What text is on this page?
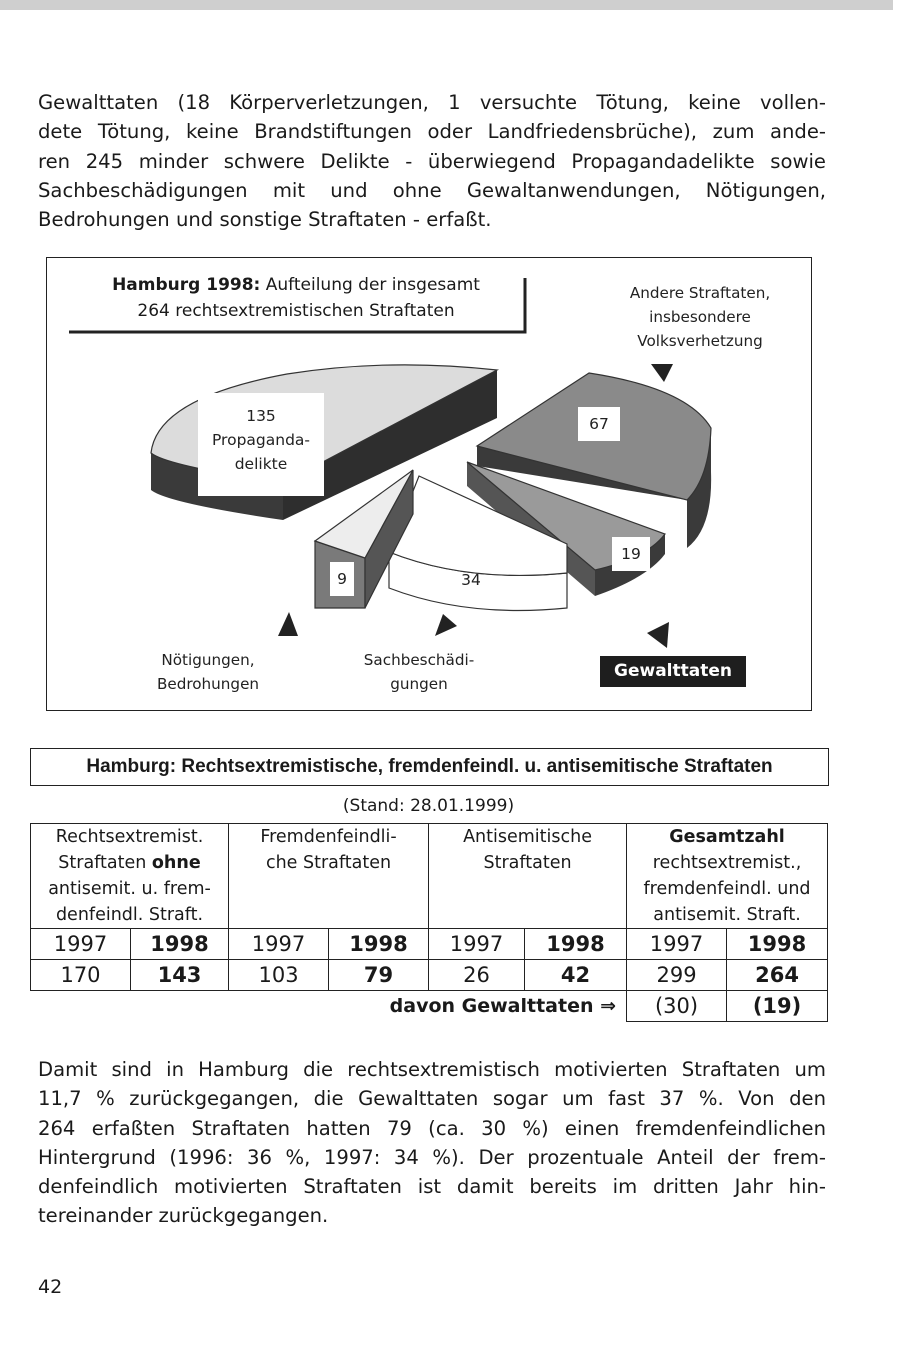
Gewalttaten (18 Körperverletzungen, 1 versuchte Tötung, keine vollen-
dete Tötung, keine Brandstiftungen oder Landfriedensbrüche), zum ande-
ren 245 minder schwere Delikte - überwiegend Propagandadelikte sowie
Sachbeschädigungen mit und ohne Gewaltanwendungen, Nötigungen,
Bedrohungen und sonstige Straftaten - erfaßt.

Hamburg 1998: Aufteilung der insgesamt
264 rechtsextremistischen Straftaten
Andere Straftaten,
insbesondere
Volksverhetzung
135
Propaganda-
delikte
67
19
34
9
Nötigungen,
Bedrohungen
Sachbeschädi-
gungen
Gewalttaten
Hamburg: Rechtsextremistische, fremdenfeindl. u. antisemitische Straftaten
(Stand: 28.01.1999)
Rechtsextremist.
Straftaten ohne
antisemit. u. frem-
denfeindl. Straft.		Fremdenfeindli-
che Straftaten		Antisemitische
Straftaten		Gesamtzahl
rechtsextremist.,
fremdenfeindl. und
antisemit. Straft.	
1997	1998	1997	1998	1997	1998	1997	1998
170	143	103	79	26	42	299	264
davon Gewalttaten ⇒						(30)	(19)

Damit sind in Hamburg die rechtsextremistisch motivierten Straftaten um
11,7 % zurückgegangen, die Gewalttaten sogar um fast 37 %. Von den
264 erfaßten Straftaten hatten 79 (ca. 30 %) einen fremdenfeindlichen
Hintergrund (1996: 36 %, 1997: 34 %). Der prozentuale Anteil der frem-
denfeindlich motivierten Straftaten ist damit bereits im dritten Jahr hin-
tereinander zurückgegangen.

42
